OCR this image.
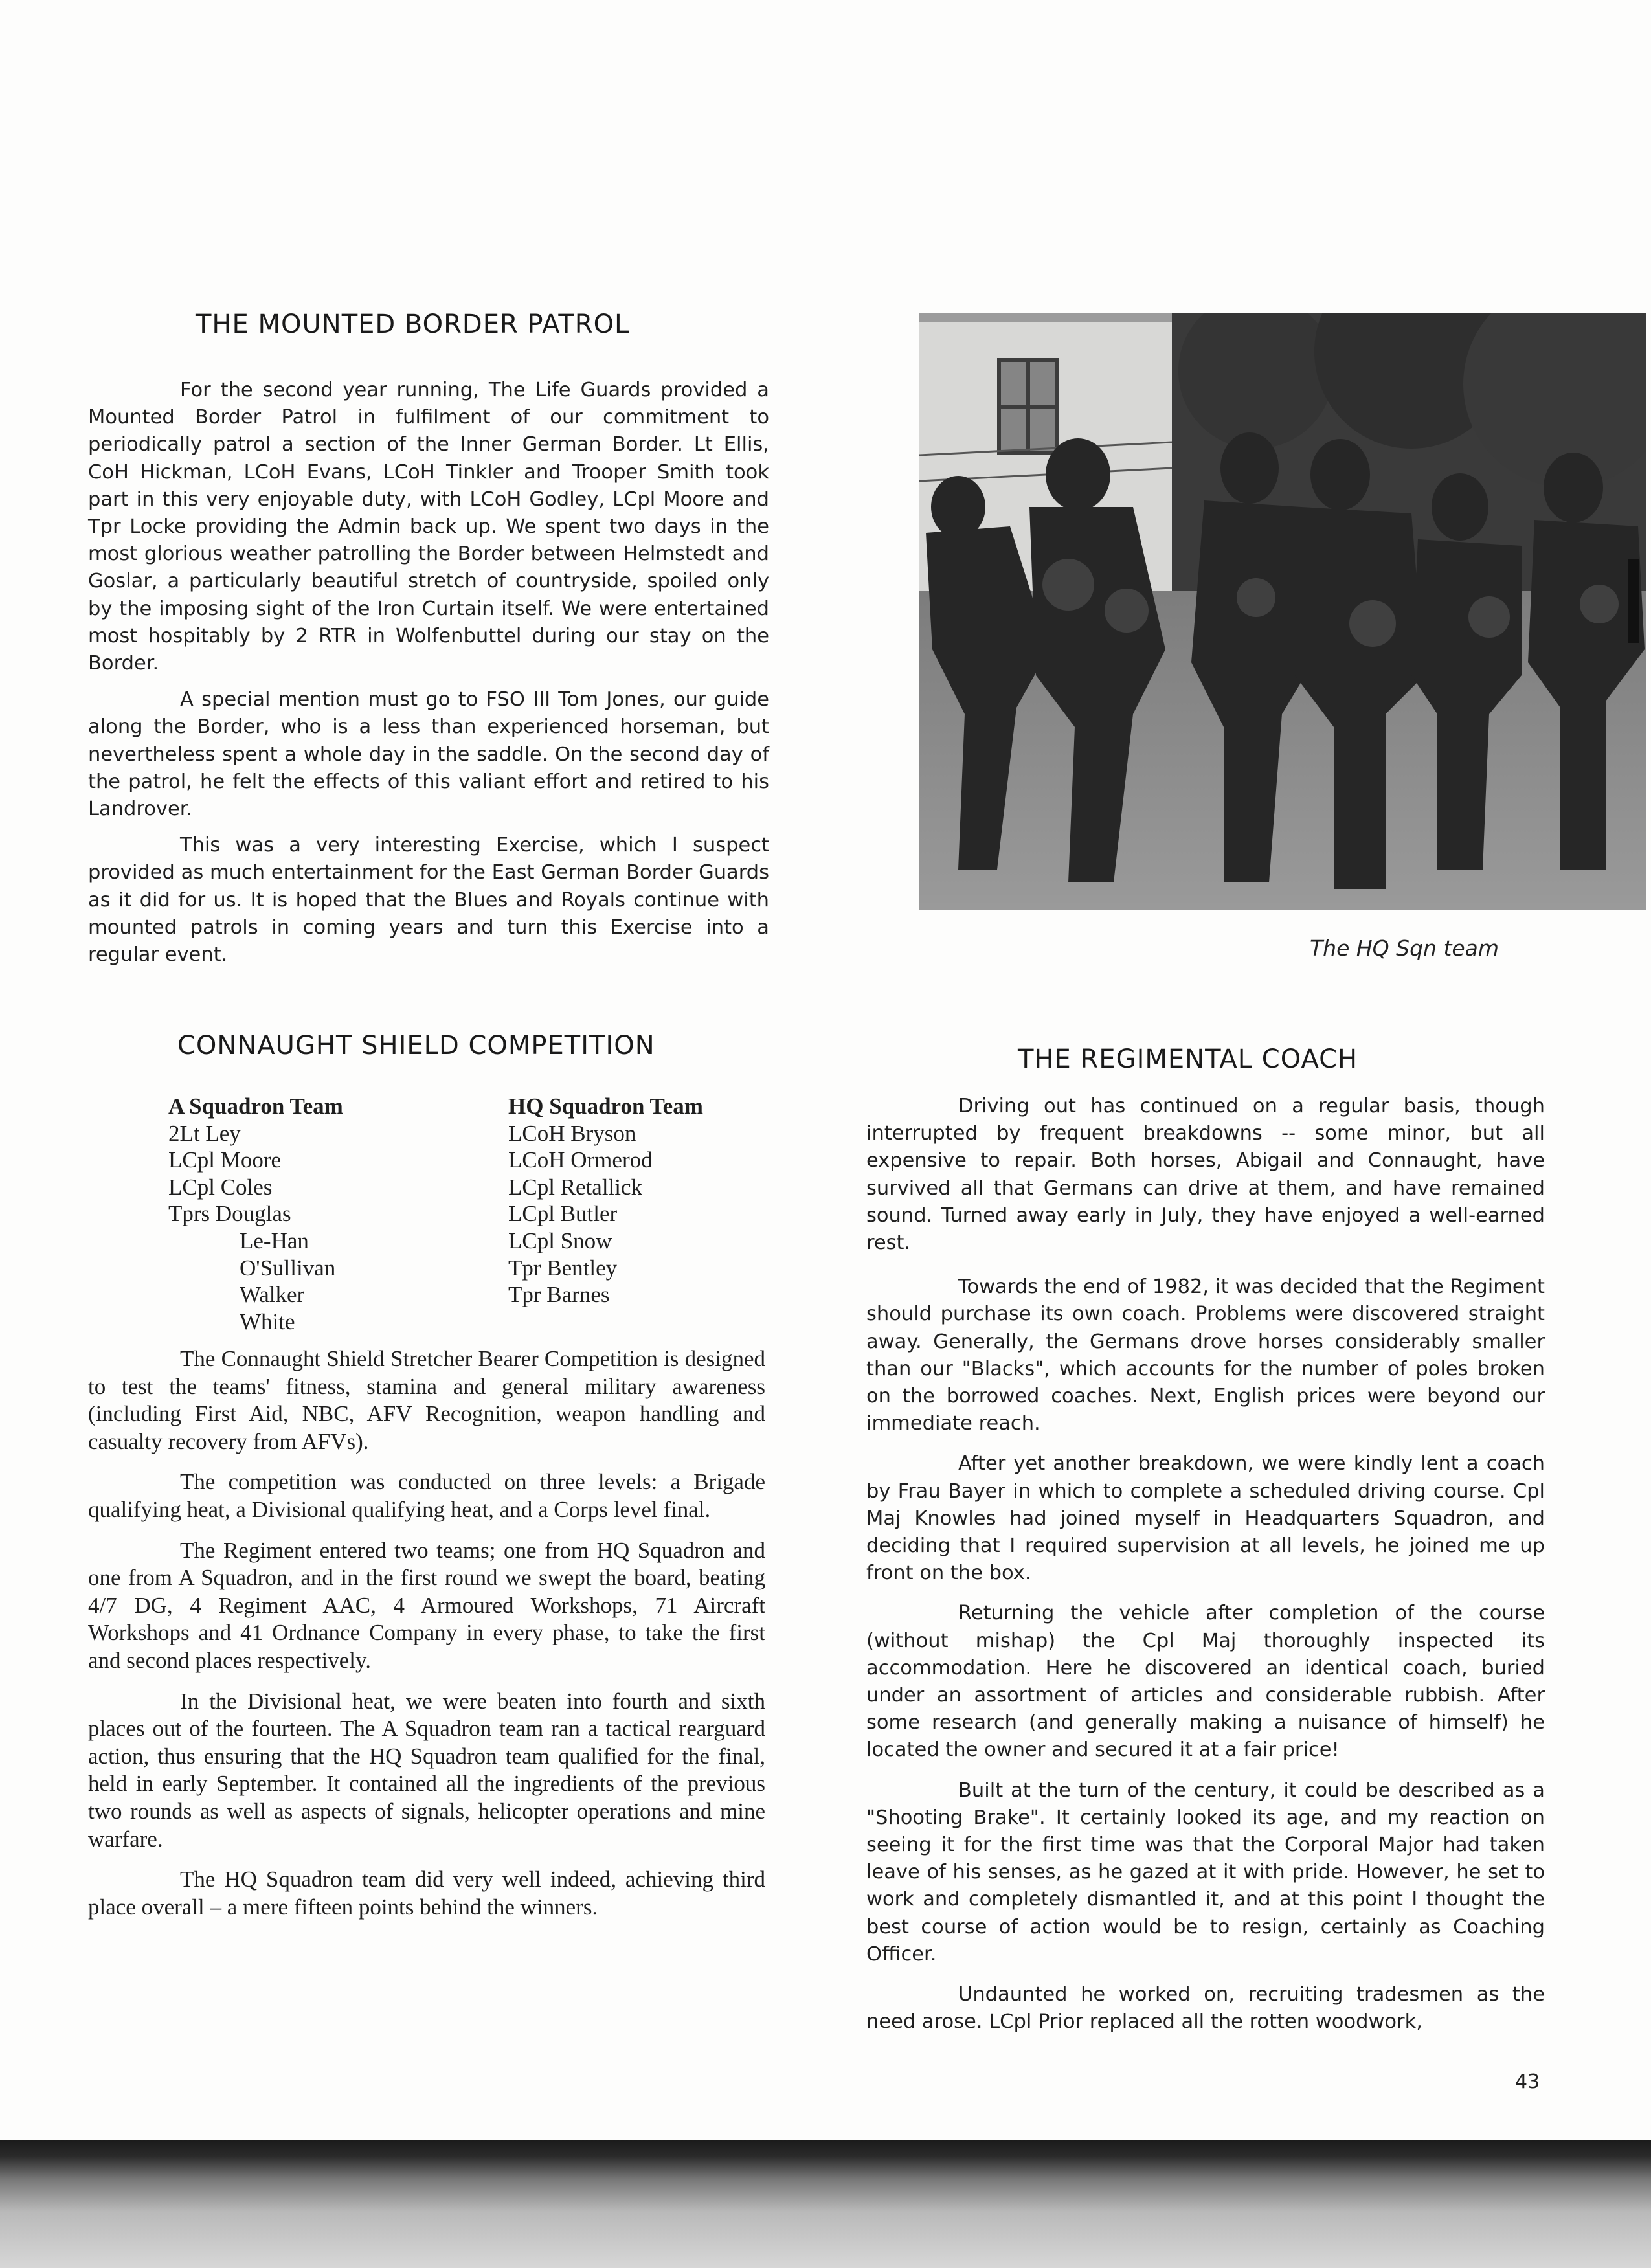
THE MOUNTED BORDER PATROL

For the second year running, The Life Guards provided a Mounted Border Patrol in fulfilment of our commitment to periodically patrol a section of the Inner German Border. Lt Ellis, CoH Hickman, LCoH Evans, LCoH Tinkler and Trooper Smith took part in this very enjoyable duty, with LCoH Godley, LCpl Moore and Tpr Locke providing the Admin back up. We spent two days in the most glorious weather patrolling the Border between Helmstedt and Goslar, a particularly beautiful stretch of countryside, spoiled only by the imposing sight of the Iron Curtain itself. We were entertained most hospitably by 2 RTR in Wolfenbuttel during our stay on the Border.

A special mention must go to FSO III Tom Jones, our guide along the Border, who is a less than experienced horseman, but nevertheless spent a whole day in the saddle. On the second day of the patrol, he felt the effects of this valiant effort and retired to his Landrover.

This was a very interesting Exercise, which I suspect provided as much entertainment for the East German Border Guards as it did for us. It is hoped that the Blues and Royals continue with mounted patrols in coming years and turn this Exercise into a regular event.	The HQ Sqn team
CONNAUGHT SHIELD COMPETITION
A Squadron Team
2Lt Ley
LCpl Moore
LCpl Coles
Tprs Douglas
Le-Han
O'Sullivan
Walker
White
HQ Squadron Team
LCoH Bryson
LCoH Ormerod
LCpl Retallick
LCpl Butler
LCpl Snow
Tpr Bentley
Tpr Barnes

The Connaught Shield Stretcher Bearer Competition is designed to test the teams' fitness, stamina and general military awareness (including First Aid, NBC, AFV Recognition, weapon handling and casualty recovery from AFVs).

The competition was conducted on three levels: a Brigade qualifying heat, a Divisional qualifying heat, and a Corps level final.

The Regiment entered two teams; one from HQ Squadron and one from A Squadron, and in the first round we swept the board, beating 4/7 DG, 4 Regiment AAC, 4 Armoured Workshops, 71 Aircraft Workshops and 41 Ordnance Company in every phase, to take the first and second places respectively.

In the Divisional heat, we were beaten into fourth and sixth places out of the fourteen. The A Squadron team ran a tactical rearguard action, thus ensuring that the HQ Squadron team qualified for the final, held in early September. It contained all the ingredients of the previous two rounds as well as aspects of signals, helicopter operations and mine warfare.

The HQ Squadron team did very well indeed, achieving third place overall – a mere fifteen points behind the winners.

THE REGIMENTAL COACH

Driving out has continued on a regular basis, though interrupted by frequent breakdowns -- some minor, but all expensive to repair. Both horses, Abigail and Connaught, have survived all that Germans can drive at them, and have remained sound. Turned away early in July, they have enjoyed a well-earned rest.

Towards the end of 1982, it was decided that the Regiment should purchase its own coach. Problems were discovered straight away. Generally, the Germans drove horses considerably smaller than our "Blacks", which accounts for the number of poles broken on the borrowed coaches. Next, English prices were beyond our immediate reach.

After yet another breakdown, we were kindly lent a coach by Frau Bayer in which to complete a scheduled driving course. Cpl Maj Knowles had joined myself in Headquarters Squadron, and deciding that I required supervision at all levels, he joined me up front on the box.

Returning the vehicle after completion of the course (without mishap) the Cpl Maj thoroughly inspected its accommodation. Here he discovered an identical coach, buried under an assortment of articles and considerable rubbish. After some research (and generally making a nuisance of himself) he located the owner and secured it at a fair price!

Built at the turn of the century, it could be described as a "Shooting Brake". It certainly looked its age, and my reaction on seeing it for the first time was that the Corporal Major had taken leave of his senses, as he gazed at it with pride. However, he set to work and completely dismantled it, and at this point I thought the best course of action would be to resign, certainly as Coaching Officer.

Undaunted he worked on, recruiting tradesmen as the need arose. LCpl Prior replaced all the rotten woodwork,

43
